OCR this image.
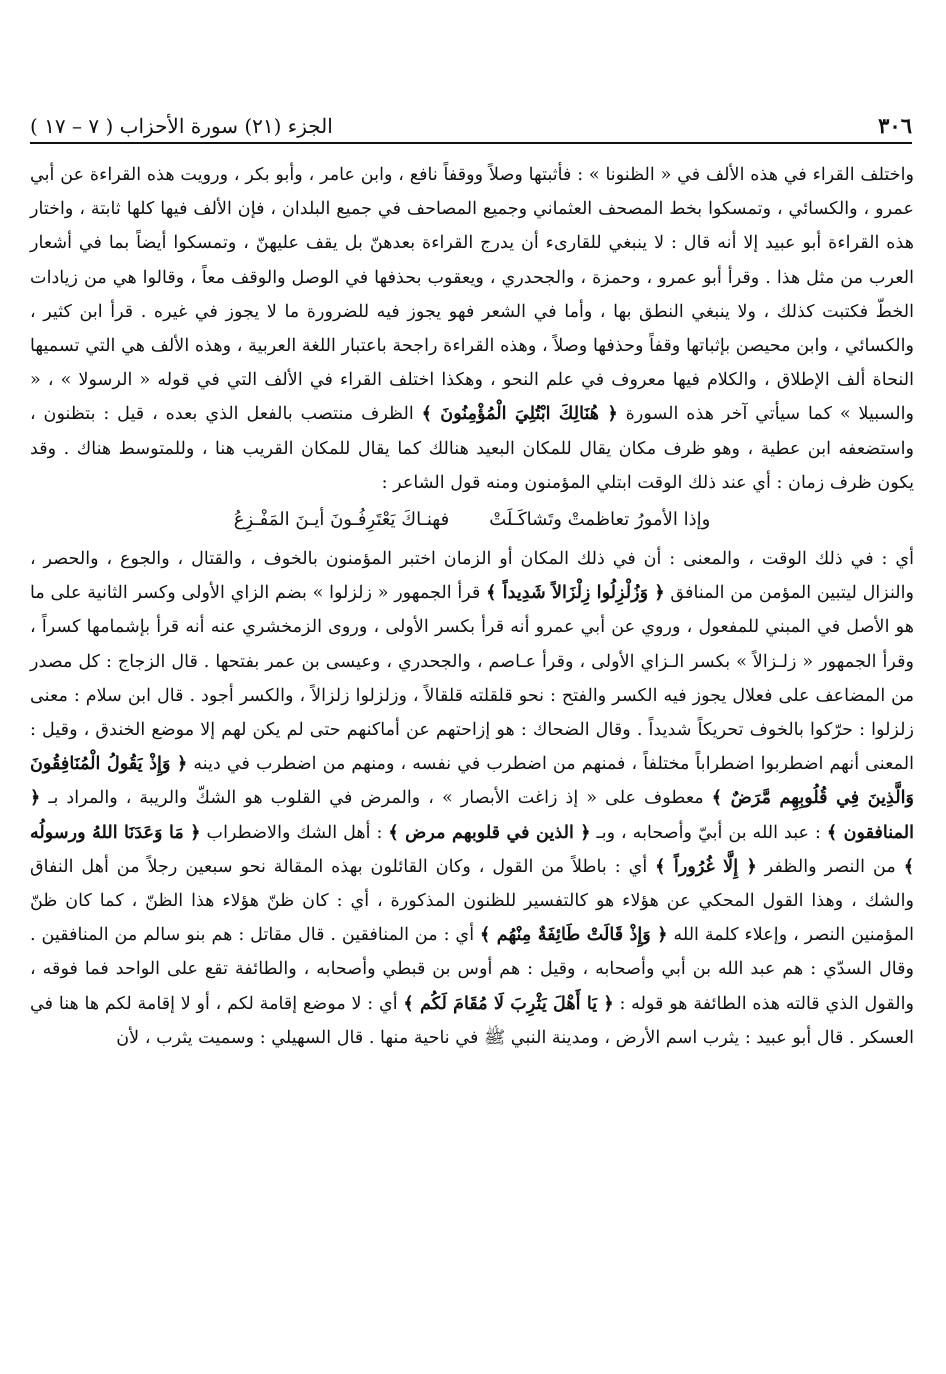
الجزء (٢١) سورة الأحزاب ( ٧ – ١٧ )	٣٠٦

واختلف القراء في هذه الألف في « الظنونا » : فأثبتها وصلاً ووقفاً نافع ، وابن عامر ، وأبو بكر ، ورويت هذه القراءة عن أبي عمرو ، والكسائي ، وتمسكوا بخط المصحف العثماني وجميع المصاحف في جميع البلدان ، فإن الألف فيها كلها ثابتة ، واختار هذه القراءة أبو عبيد إلا أنه قال : لا ينبغي للقارىء أن يدرج القراءة بعدهنّ بل يقف عليهنّ ، وتمسكوا أيضاً بما في أشعار العرب من مثل هذا . وقرأ أبو عمرو ، وحمزة ، والجحدري ، ويعقوب بحذفها في الوصل والوقف معاً ، وقالوا هي من زيادات الخطّ فكتبت كذلك ، ولا ينبغي النطق بها ، وأما في الشعر فهو يجوز فيه للضرورة ما لا يجوز في غيره . قرأ ابن كثير ، والكسائي ، وابن محيصن بإثباتها وقفاً وحذفها وصلاً ، وهذه القراءة راجحة باعتبار اللغة العربية ، وهذه الألف هي التي تسميها النحاة ألف الإطلاق ، والكلام فيها معروف في علم النحو ، وهكذا اختلف القراء في الألف التي في قوله « الرسولا » ، « والسبيلا » كما سيأتي آخر هذه السورة ﴿ هُنَالِكَ ابْتُلِيَ الْمُؤْمِنُونَ ﴾ الظرف منتصب بالفعل الذي بعده ، قيل : بتظنون ، واستضعفه ابن عطية ، وهو ظرف مكان يقال للمكان البعيد هنالك كما يقال للمكان القريب هنا ، وللمتوسط هناك . وقد يكون ظرف زمان : أي عند ذلك الوقت ابتلي المؤمنون ومنه قول الشاعر :

وإذا الأمورُ تعاظمتْ وتَشاكَـلَتْ
فهنـاكَ يَعْتَرِفُـونَ أيـنَ المَفْـزِعُ

أي : في ذلك الوقت ، والمعنى : أن في ذلك المكان أو الزمان اختبر المؤمنون بالخوف ، والقتال ، والجوع ، والحصر ، والنزال ليتبين المؤمن من المنافق ﴿ وَزُلْزِلُوا زِلْزَالاً شَدِيداً ﴾ قرأ الجمهور « زلزلوا » بضم الزاي الأولى وكسر الثانية على ما هو الأصل في المبني للمفعول ، وروي عن أبي عمرو أنه قرأ بكسر الأولى ، وروى الزمخشري عنه أنه قرأ بإشمامها كسراً ، وقرأ الجمهور « زلـزالاً » بكسر الـزاي الأولى ، وقرأ عـاصم ، والجحدري ، وعيسى بن عمر بفتحها . قال الزجاج : كل مصدر من المضاعف على فعلال يجوز فيه الكسر والفتح : نحو قلقلته قلقالاً ، وزلزلوا زلزالاً ، والكسر أجود . قال ابن سلام : معنى زلزلوا : حرّكوا بالخوف تحريكاً شديداً . وقال الضحاك : هو إزاحتهم عن أماكنهم حتى لم يكن لهم إلا موضع الخندق ، وقيل : المعنى أنهم اضطربوا اضطراباً مختلفاً ، فمنهم من اضطرب في نفسه ، ومنهم من اضطرب في دينه ﴿ وَإِذْ يَقُولُ الْمُنَافِقُونَ وَالَّذِينَ فِي قُلُوبِهِم مَّرَضٌ ﴾ معطوف على « إذ زاغت الأبصار » ، والمرض في القلوب هو الشكّ والريبة ، والمراد بـ ﴿ المنافقون ﴾ : عبد الله بن أبيّ وأصحابه ، وبـ ﴿ الذين في قلوبهم مرض ﴾ : أهل الشك والاضطراب ﴿ مَا وَعَدَنَا اللهُ ورسولُه ﴾ من النصر والظفر ﴿ إِلَّا غُرُوراً ﴾ أي : باطلاً من القول ، وكان القائلون بهذه المقالة نحو سبعين رجلاً من أهل النفاق والشك ، وهذا القول المحكي عن هؤلاء هو كالتفسير للظنون المذكورة ، أي : كان ظنّ هؤلاء هذا الظنّ ، كما كان ظنّ المؤمنين النصر ، وإعلاء كلمة الله ﴿ وَإِذْ قَالَتْ طَائِفَةٌ مِنْهُم ﴾ أي : من المنافقين . قال مقاتل : هم بنو سالم من المنافقين . وقال السدّي : هم عبد الله بن أبي وأصحابه ، وقيل : هم أوس بن قبطي وأصحابه ، والطائفة تقع على الواحد فما فوقه ، والقول الذي قالته هذه الطائفة هو قوله : ﴿ يَا أَهْلَ يَثْرِبَ لَا مُقَامَ لَكُم ﴾ أي : لا موضع إقامة لكم ، أو لا إقامة لكم ها هنا في العسكر . قال أبو عبيد : يثرب اسم الأرض ، ومدينة النبي ﷺ في ناحية منها . قال السهيلي : وسميت يثرب ، لأن
